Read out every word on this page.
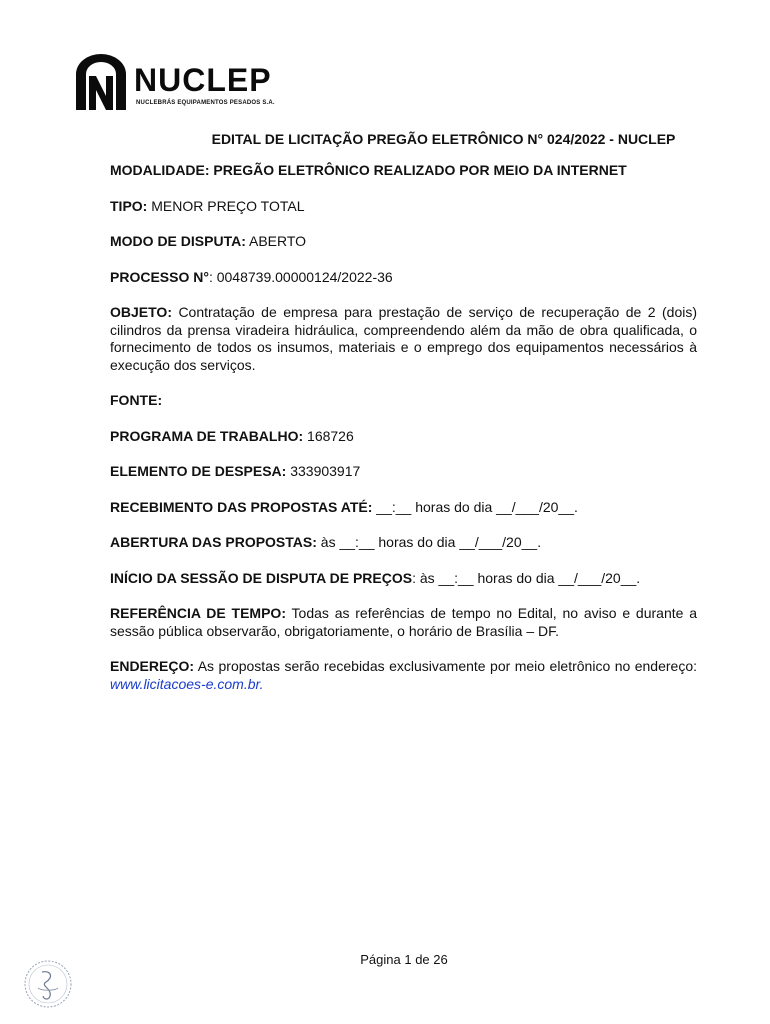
NUCLEP
NUCLEBRÁS EQUIPAMENTOS PESADOS S.A.
EDITAL DE LICITAÇÃO PREGÃO ELETRÔNICO N° 024/2022 - NUCLEP

MODALIDADE: PREGÃO ELETRÔNICO REALIZADO POR MEIO DA INTERNET

TIPO: MENOR PREÇO TOTAL

MODO DE DISPUTA: ABERTO

PROCESSO N°: 0048739.00000124/2022-36

OBJETO: Contratação de empresa para prestação de serviço de recuperação de 2 (dois) cilindros da prensa viradeira hidráulica, compreendendo além da mão de obra qualificada, o fornecimento de todos os insumos, materiais e o emprego dos equipamentos necessários à execução dos serviços.

FONTE:

PROGRAMA DE TRABALHO: 168726

ELEMENTO DE DESPESA: 333903917

RECEBIMENTO DAS PROPOSTAS ATÉ: __:__ horas do dia __/___/20__.

ABERTURA DAS PROPOSTAS: às __:__ horas do dia __/___/20__.

INÍCIO DA SESSÃO DE DISPUTA DE PREÇOS: às __:__ horas do dia __/___/20__.

REFERÊNCIA DE TEMPO: Todas as referências de tempo no Edital, no aviso e durante a sessão pública observarão, obrigatoriamente, o horário de Brasília – DF.

ENDEREÇO: As propostas serão recebidas exclusivamente por meio eletrônico no endereço: www.licitacoes-e.com.br.

Página 1 de 26
